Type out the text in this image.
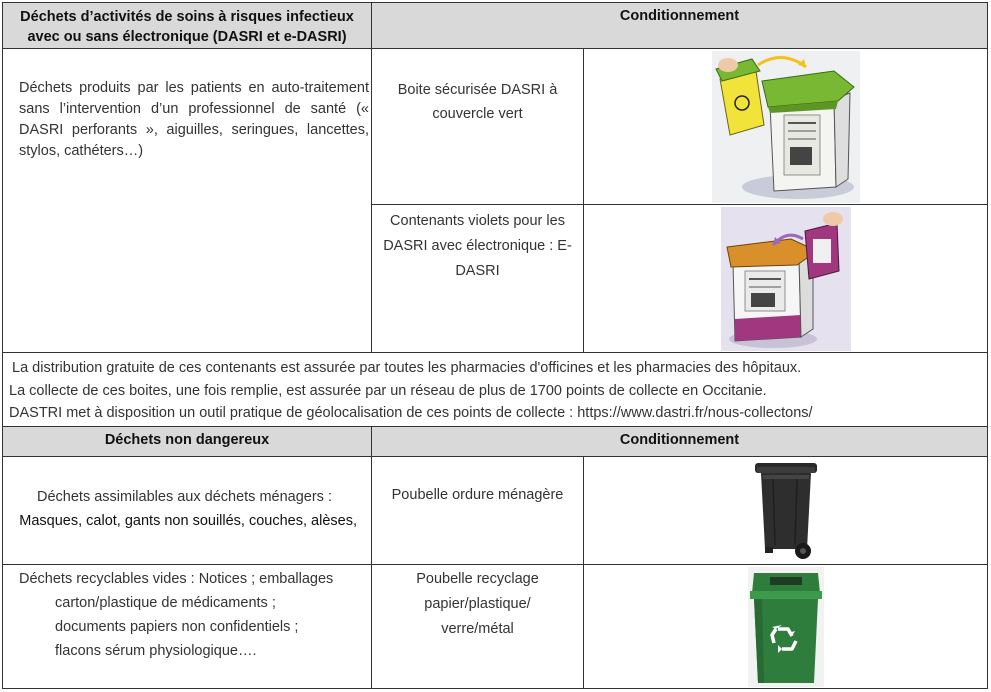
Déchets d’activités de soins à risques infectieux
avec ou sans électronique (DASRI et e-DASRI)
Conditionnement
Déchets produits par les patients en auto-traitement sans l’intervention d’un professionnel de santé (« DASRI perforants », aiguilles, seringues, lancettes, stylos, cathéters…)
Boite sécurisée DASRI à couvercle vert
Contenants violets pour les DASRI avec électronique : E-DASRI

La distribution gratuite de ces contenants est assurée par toutes les pharmacies d'officines et les pharmacies des hôpitaux.

La collecte de ces boites, une fois remplie, est assurée par un réseau de plus de 1700 points de collecte en Occitanie.

DASTRI met à disposition un outil pratique de géolocalisation de ces points de collecte : https://www.dastri.fr/nous-collectons/

Déchets non dangereux	Conditionnement
Déchets assimilables aux déchets ménagers :
Masques, calot, gants non souillés, couches, alèses,
Poubelle ordure ménagère
Déchets recyclables vides : Notices ; emballages
carton/plastique de médicaments ;
documents papiers non confidentiels ;
flacons sérum physiologique….
Poubelle recyclage papier/plastique/ verre/métal
